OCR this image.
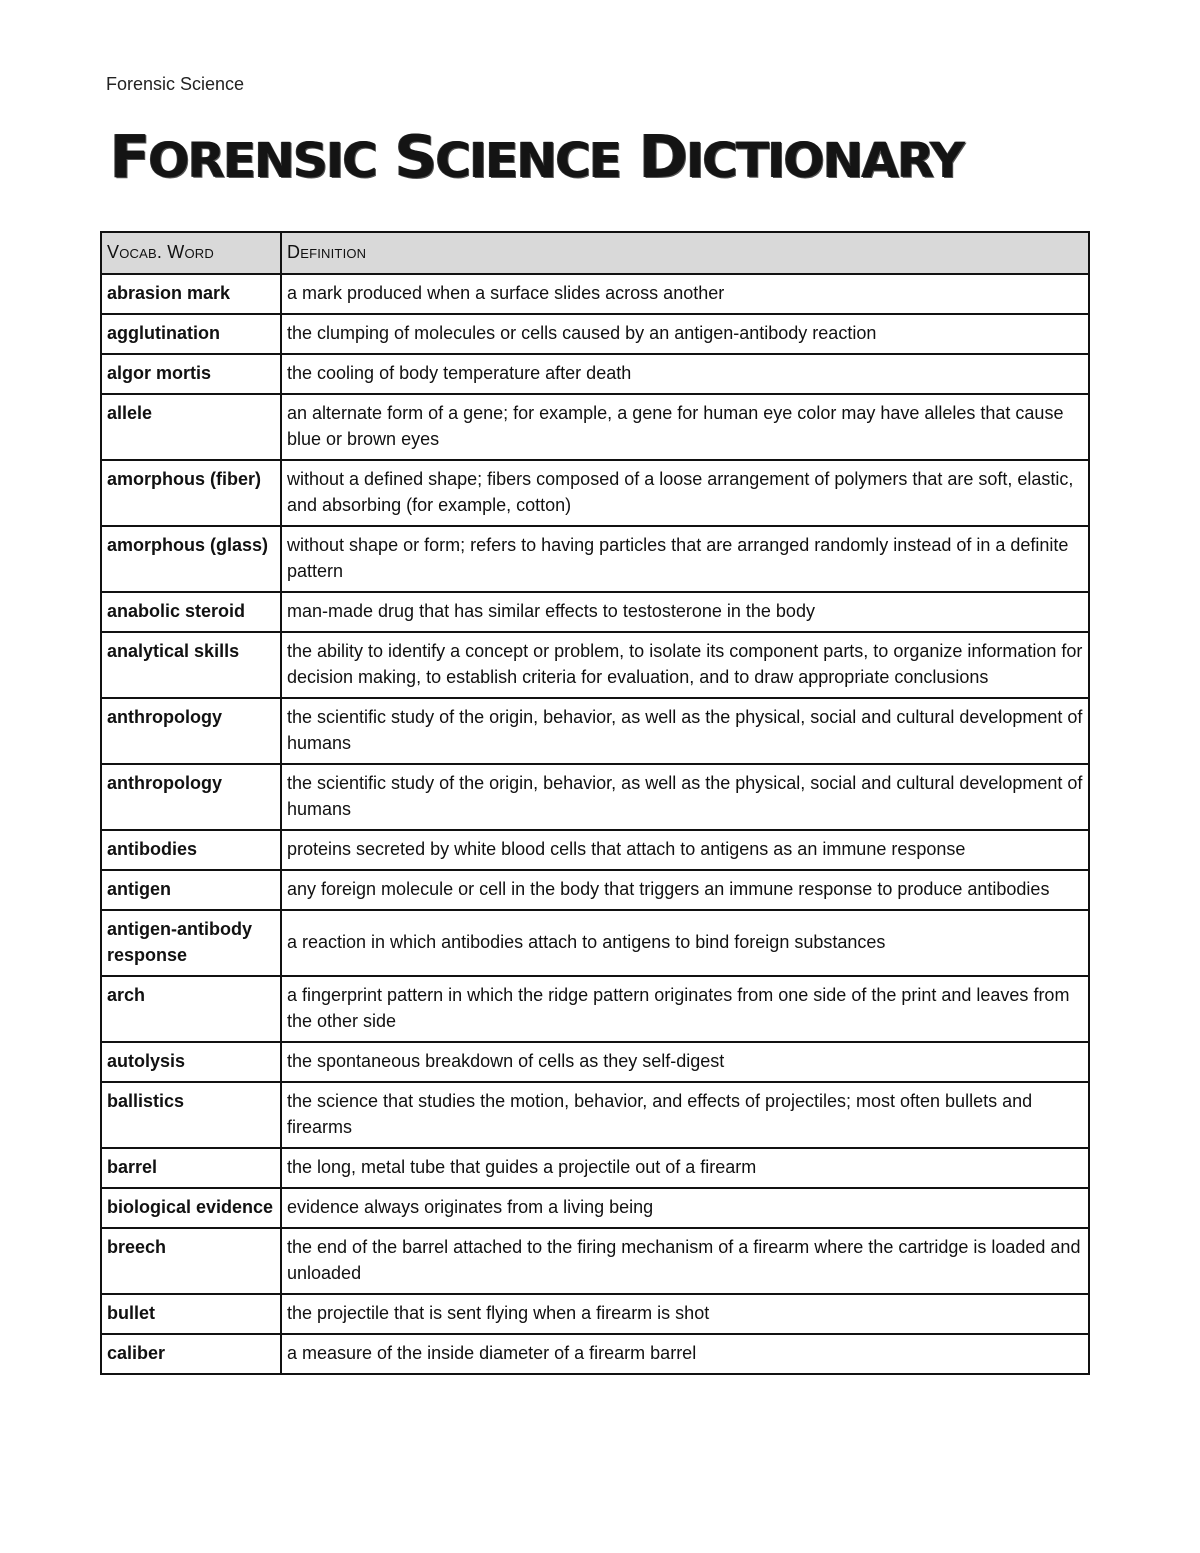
Forensic Science
FORENSIC SCIENCE DICTIONARY
Vocab. Word	Definition
abrasion mark	a mark produced when a surface slides across another
agglutination	the clumping of molecules or cells caused by an antigen-antibody reaction
algor mortis	the cooling of body temperature after death
allele	an alternate form of a gene; for example, a gene for human eye color may have alleles that cause blue or brown eyes
amorphous (fiber)	without a defined shape; fibers composed of a loose arrangement of polymers that are soft, elastic, and absorbing (for example, cotton)
amorphous (glass)	without shape or form; refers to having particles that are arranged randomly instead of in a definite pattern
anabolic steroid	man-made drug that has similar effects to testosterone in the body
analytical skills	the ability to identify a concept or problem, to isolate its component parts, to organize information for decision making, to establish criteria for evaluation, and to draw appropriate conclusions
anthropology	the scientific study of the origin, behavior, as well as the physical, social and cultural development of humans
anthropology	the scientific study of the origin, behavior, as well as the physical, social and cultural development of humans
antibodies	proteins secreted by white blood cells that attach to antigens as an immune response
antigen	any foreign molecule or cell in the body that triggers an immune response to produce antibodies
antigen-antibody response	a reaction in which antibodies attach to antigens to bind foreign substances
arch	a fingerprint pattern in which the ridge pattern originates from one side of the print and leaves from the other side
autolysis	the spontaneous breakdown of cells as they self-digest
ballistics	the science that studies the motion, behavior, and effects of projectiles; most often bullets and firearms
barrel	the long, metal tube that guides a projectile out of a firearm
biological evidence	evidence always originates from a living being
breech	the end of the barrel attached to the firing mechanism of a firearm where the cartridge is loaded and unloaded
bullet	the projectile that is sent flying when a firearm is shot
caliber	a measure of the inside diameter of a firearm barrel
